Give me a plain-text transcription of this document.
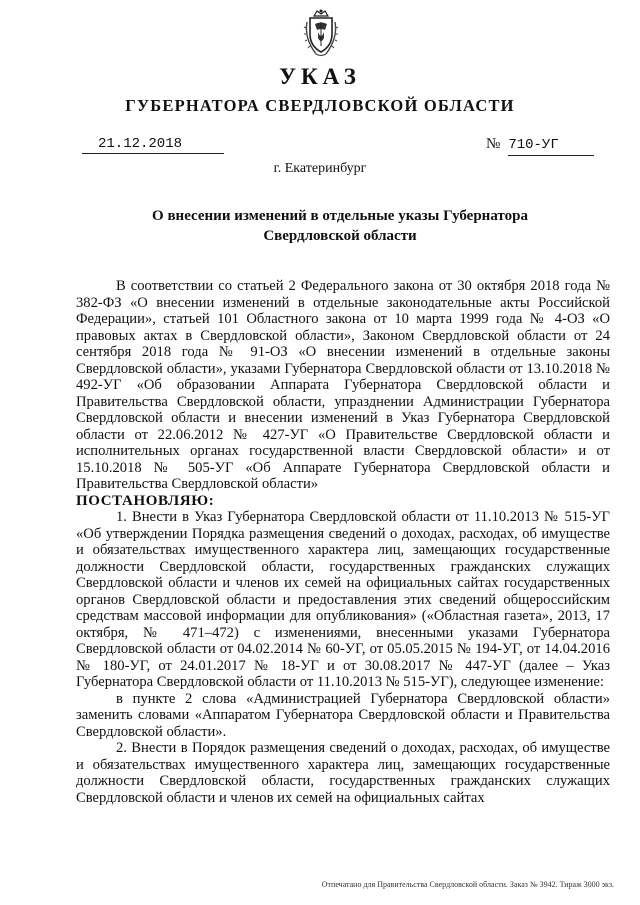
УКАЗ
ГУБЕРНАТОРА СВЕРДЛОВСКОЙ ОБЛАСТИ
21.12.2018	№ 710-УГ
г. Екатеринбург
О внесении изменений в отдельные указы Губернатора
Свердловской области

В соответствии со статьей 2 Федерального закона от 30 октября 2018 года № 382-ФЗ «О внесении изменений в отдельные законодательные акты Российской Федерации», статьей 101 Областного закона от 10 марта 1999 года № 4-ОЗ «О правовых актах в Свердловской области», Законом Свердловской области от 24 сентября 2018 года № 91-ОЗ «О внесении изменений в отдельные законы Свердловской области», указами Губернатора Свердловской области от 13.10.2018 № 492-УГ «Об образовании Аппарата Губернатора Свердловской области и Правительства Свердловской области, упразднении Администрации Губернатора Свердловской области и внесении изменений в Указ Губернатора Свердловской области от 22.06.2012 № 427-УГ «О Правительстве Свердловской области и исполнительных органах государственной власти Свердловской области» и от 15.10.2018 № 505-УГ «Об Аппарате Губернатора Свердловской области и Правительства Свердловской области»

ПОСТАНОВЛЯЮ:

1. Внести в Указ Губернатора Свердловской области от 11.10.2013 № 515-УГ «Об утверждении Порядка размещения сведений о доходах, расходах, об имуществе и обязательствах имущественного характера лиц, замещающих государственные должности Свердловской области, государственных гражданских служащих Свердловской области и членов их семей на официальных сайтах государственных органов Свердловской области и предоставления этих сведений общероссийским средствам массовой информации для опубликования» («Областная газета», 2013, 17 октября, № 471–472) с изменениями, внесенными указами Губернатора Свердловской области от 04.02.2014 № 60-УГ, от 05.05.2015 № 194-УГ, от 14.04.2016 № 180-УГ, от 24.01.2017 № 18-УГ и от 30.08.2017 № 447-УГ (далее – Указ Губернатора Свердловской области от 11.10.2013 № 515-УГ), следующее изменение:

в пункте 2 слова «Администрацией Губернатора Свердловской области» заменить словами «Аппаратом Губернатора Свердловской области и Правительства Свердловской области».

2. Внести в Порядок размещения сведений о доходах, расходах, об имуществе и обязательствах имущественного характера лиц, замещающих государственные должности Свердловской области, государственных гражданских служащих Свердловской области и членов их семей на официальных сайтах

Отпечатано для Правительства Свердловской области. Заказ № 3942. Тираж 3000 экз.
